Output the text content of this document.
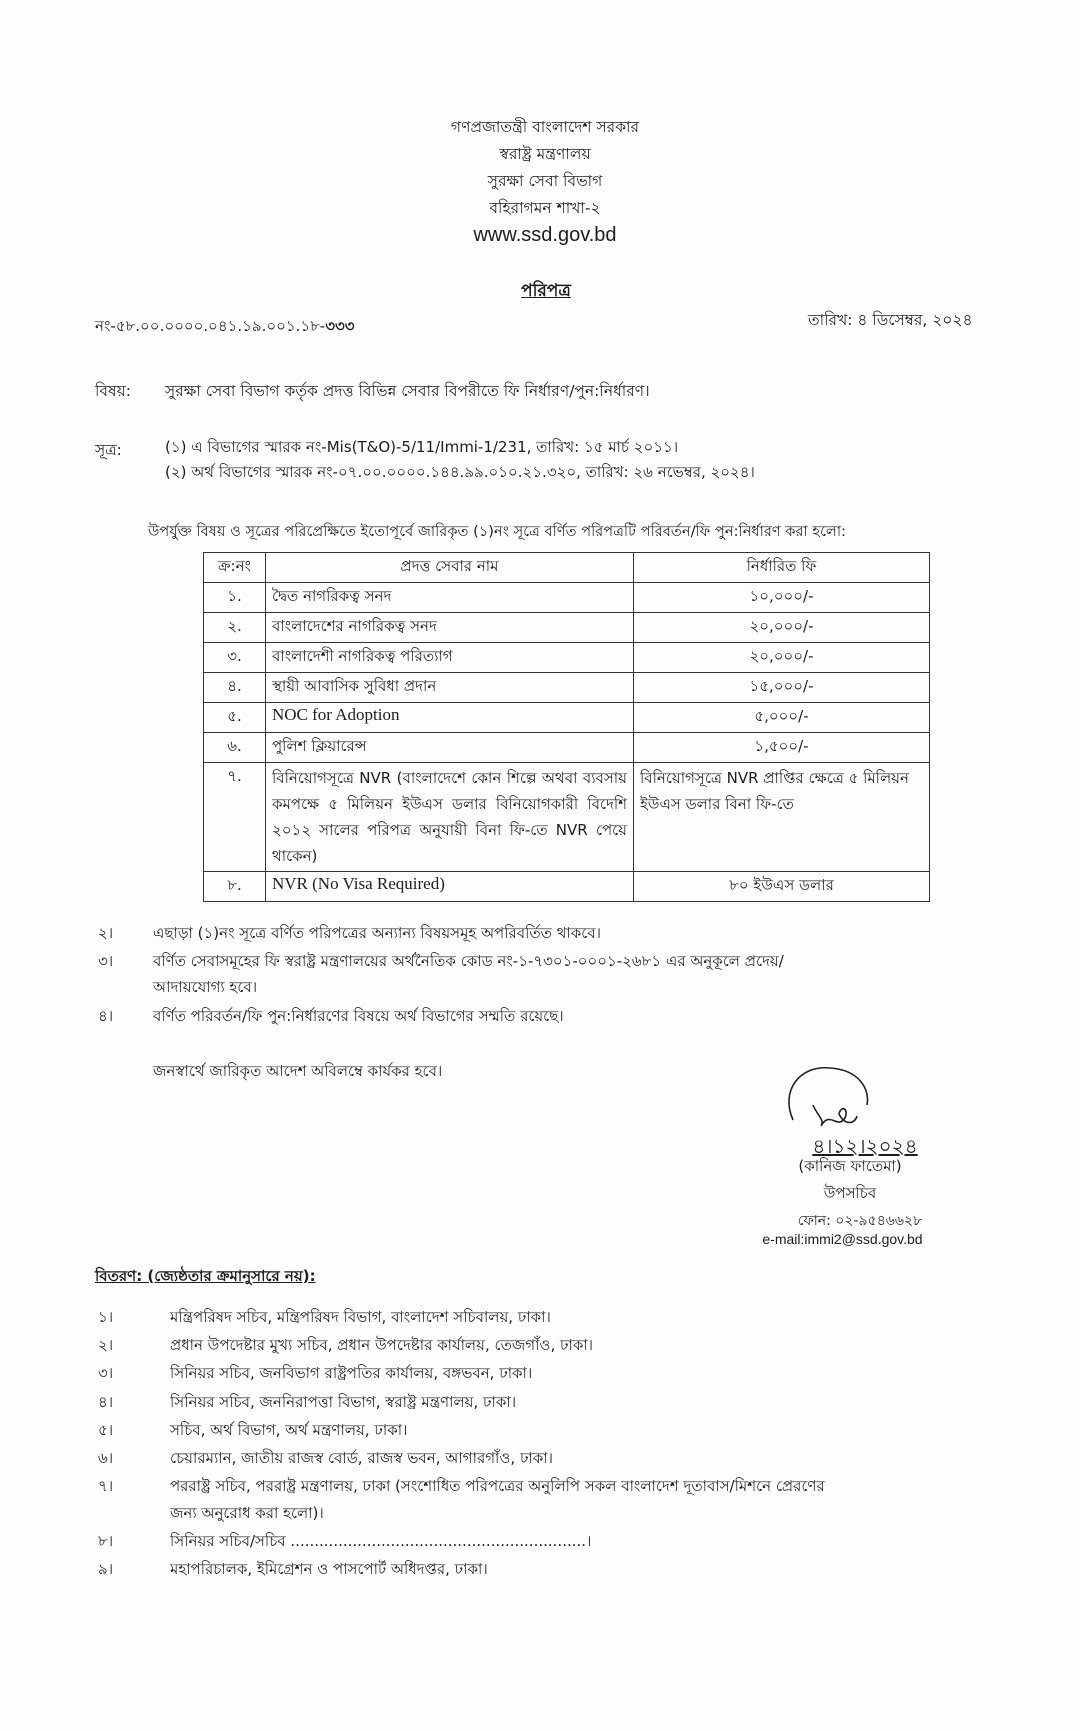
গণপ্রজাতন্ত্রী বাংলাদেশ সরকার
স্বরাষ্ট্র মন্ত্রণালয়
সুরক্ষা সেবা বিভাগ
বহিরাগমন শাখা-২
www.ssd.gov.bd
পরিপত্র
নং-৫৮.০০.০০০০.০৪১.১৯.০০১.১৮-৩৩৩	তারিখ: ৪ ডিসেম্বর, ২০২৪
বিষয়: সুরক্ষা সেবা বিভাগ কর্তৃক প্রদত্ত বিভিন্ন সেবার বিপরীতে ফি নির্ধারণ/পুন:নির্ধারণ।
সূত্র:	(১) এ বিভাগের স্মারক নং-Mis(T&O)-5/11/Immi-1/231, তারিখ: ১৫ মার্চ ২০১১।
(২) অর্থ বিভাগের স্মারক নং-০৭.০০.০০০০.১৪৪.৯৯.০১০.২১.৩২০, তারিখ: ২৬ নভেম্বর, ২০২৪।
উপর্যুক্ত বিষয় ও সূত্রের পরিপ্রেক্ষিতে ইতোপূর্বে জারিকৃত (১)নং সূত্রে বর্ণিত পরিপত্রটি পরিবর্তন/ফি পুন:নির্ধারণ করা হলো:
ক্র:নং	প্রদত্ত সেবার নাম	নির্ধারিত ফি
১.	দ্বৈত নাগরিকত্ব সনদ	১০,০০০/-
২.	বাংলাদেশের নাগরিকত্ব সনদ	২০,০০০/-
৩.	বাংলাদেশী নাগরিকত্ব পরিত্যাগ	২০,০০০/-
৪.	স্থায়ী আবাসিক সুবিধা প্রদান	১৫,০০০/-
৫.	NOC for Adoption	৫,০০০/-
৬.	পুলিশ ক্লিয়ারেন্স	১,৫০০/-
৭.	বিনিয়োগসূত্রে NVR (বাংলাদেশে কোন শিল্পে অথবা ব্যবসায় কমপক্ষে ৫ মিলিয়ন ইউএস ডলার বিনিয়োগকারী বিদেশি ২০১২ সালের পরিপত্র অনুযায়ী বিনা ফি-তে NVR পেয়ে থাকেন)	বিনিয়োগসূত্রে NVR প্রাপ্তির ক্ষেত্রে ৫ মিলিয়ন ইউএস ডলার বিনা ফি-তে
৮.	NVR (No Visa Required)	৮০ ইউএস ডলার
২।	এছাড়া (১)নং সূত্রে বর্ণিত পরিপত্রের অন্যান্য বিষয়সমূহ অপরিবর্তিত থাকবে।
৩।	বর্ণিত সেবাসমূহের ফি স্বরাষ্ট্র মন্ত্রণালয়ের অর্থনৈতিক কোড নং-১-৭৩০১-০০০১-২৬৮১ এর অনুকূলে প্রদেয়/
আদায়যোগ্য হবে।
৪।	বর্ণিত পরিবর্তন/ফি পুন:নির্ধারণের বিষয়ে অর্থ বিভাগের সম্মতি রয়েছে।
জনস্বার্থে জারিকৃত আদেশ অবিলম্বে কার্যকর হবে।
৪।১২।২০২৪
(কানিজ ফাতেমা)
উপসচিব
ফোন: ০২-৯৫৪৬৬২৮
e-mail:immi2@ssd.gov.bd
বিতরণ: (জ্যেষ্ঠতার ক্রমানুসারে নয়):
১।	মন্ত্রিপরিষদ সচিব, মন্ত্রিপরিষদ বিভাগ, বাংলাদেশ সচিবালয়, ঢাকা।
২।	প্রধান উপদেষ্টার মুখ্য সচিব, প্রধান উপদেষ্টার কার্যালয়, তেজগাঁও, ঢাকা।
৩।	সিনিয়র সচিব, জনবিভাগ রাষ্ট্রপতির কার্যালয়, বঙ্গভবন, ঢাকা।
৪।	সিনিয়র সচিব, জননিরাপত্তা বিভাগ, স্বরাষ্ট্র মন্ত্রণালয়, ঢাকা।
৫।	সচিব, অর্থ বিভাগ, অর্থ মন্ত্রণালয়, ঢাকা।
৬।	চেয়ারম্যান, জাতীয় রাজস্ব বোর্ড, রাজস্ব ভবন, আগারগাঁও, ঢাকা।
৭।	পররাষ্ট্র সচিব, পররাষ্ট্র মন্ত্রণালয়, ঢাকা (সংশোধিত পরিপত্রের অনুলিপি সকল বাংলাদেশ দূতাবাস/মিশনে প্রেরণের
জন্য অনুরোধ করা হলো)।
৮।	সিনিয়র সচিব/সচিব ..............................................................।
৯।	মহাপরিচালক, ইমিগ্রেশন ও পাসপোর্ট অধিদপ্তর, ঢাকা।
